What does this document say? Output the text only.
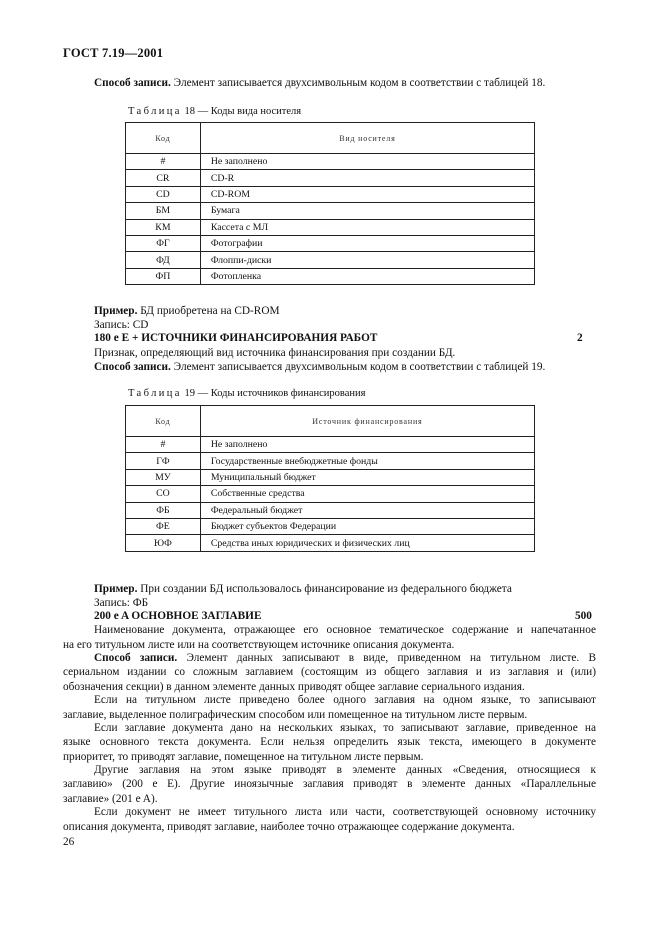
ГОСТ 7.19—2001
Способ записи. Элемент записывается двухсимвольным кодом в соответствии с таблицей 18.
Таблица 18 — Коды вида носителя
Код	Вид носителя
#	Не заполнено
CR	CD-R
CD	CD-ROM
БМ	Бумага
КМ	Кассета с МЛ
ФГ	Фотографии
ФД	Флоппи-диски
ФП	Фотопленка
Пример. БД приобретена на CD-ROM
Запись: CD
180 e E + ИСТОЧНИКИ ФИНАНСИРОВАНИЯ РАБОТ	2
Признак, определяющий вид источника финансирования при создании БД.
Способ записи. Элемент записывается двухсимвольным кодом в соответствии с таблицей 19.
Таблица 19 — Коды источников финансирования
Код	Источник финансирования
#	Не заполнено
ГФ	Государственные внебюджетные фонды
МУ	Муниципальный бюджет
СО	Собственные средства
ФБ	Федеральный бюджет
ФЕ	Бюджет субъектов Федерации
ЮФ	Средства иных юридических и физических лиц
Пример. При создании БД использовалось финансирование из федерального бюджета
Запись: ФБ
200 e A ОСНОВНОЕ ЗАГЛАВИЕ	500
Наименование документа, отражающее его основное тематическое содержание и напечатанное
на его титульном листе или на соответствующем источнике описания документа.
Способ записи. Элемент данных записывают в виде, приведенном на титульном листе. В
сериальном издании со сложным заглавием (состоящим из общего заглавия и из заглавия и (или)
обозначения секции) в данном элементе данных приводят общее заглавие сериального издания.
Если на титульном листе приведено более одного заглавия на одном языке, то записывают
заглавие, выделенное полиграфическим способом или помещенное на титульном листе первым.
Если заглавие документа дано на нескольких языках, то записывают заглавие, приведенное на
языке основного текста документа. Если нельзя определить язык текста, имеющего в документе
приоритет, то приводят заглавие, помещенное на титульном листе первым.
Другие заглавия на этом языке приводят в элементе данных «Сведения, относящиеся к
заглавию» (200 e E). Другие иноязычные заглавия приводят в элементе данных «Параллельные
заглавие» (201 e A).
Если документ не имеет титульного листа или части, соответствующей основному источнику
описания документа, приводят заглавие, наиболее точно отражающее содержание документа.
26
